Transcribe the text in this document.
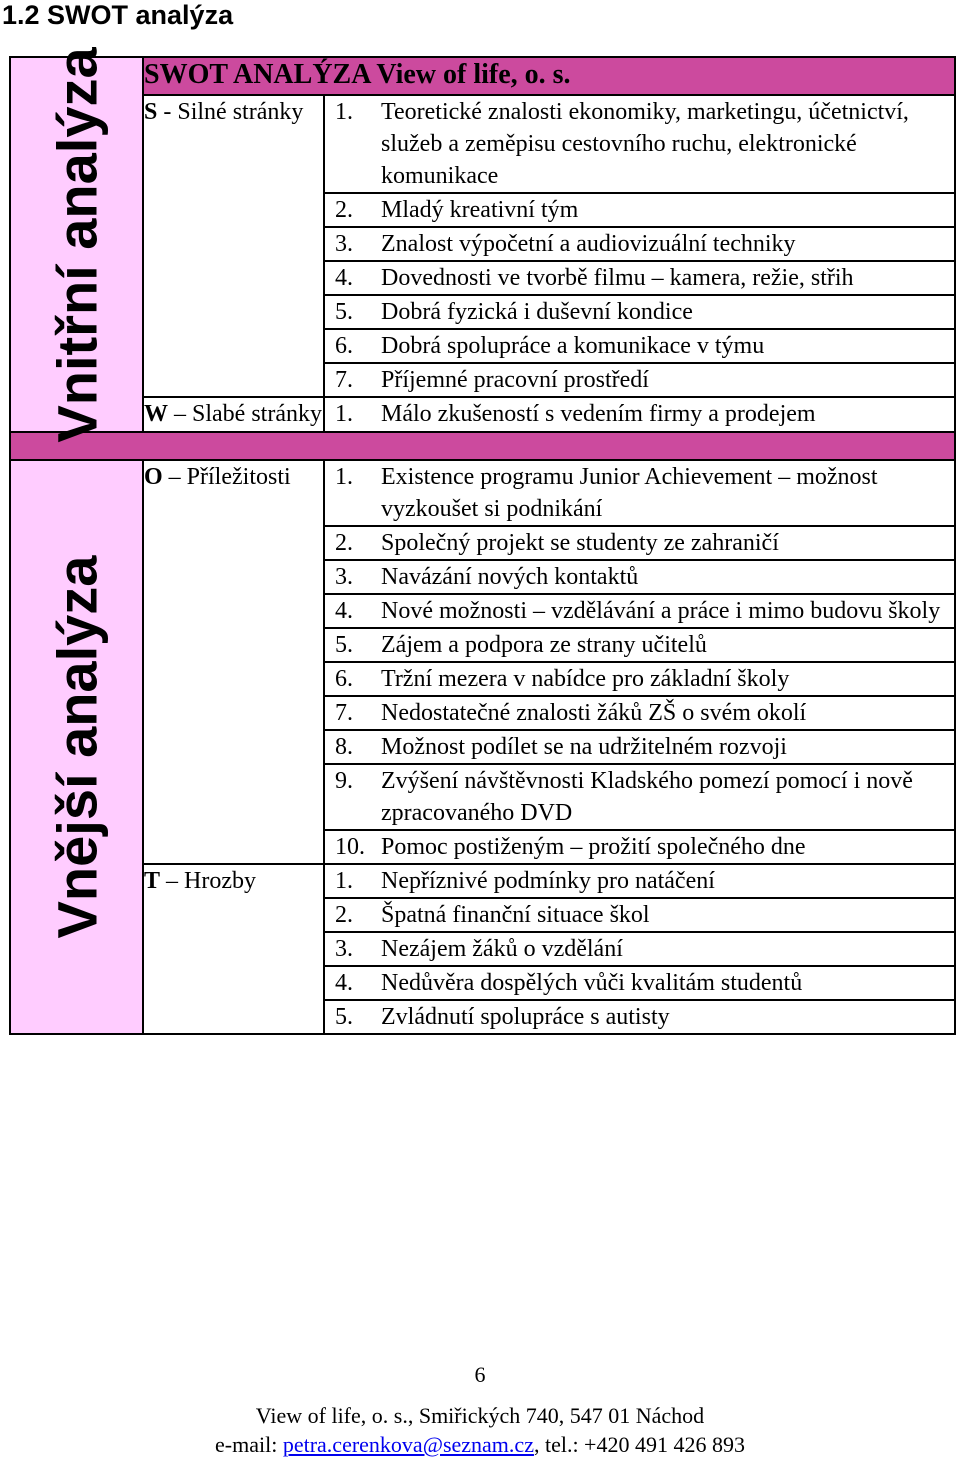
1.2 SWOT analýza
Vnitřní analýza	SWOT ANALÝZA View of life, o. s.	
	S - Silné stránky	1. Teoretické znalosti ekonomiky, marketingu, účetnictví, služeb a zeměpisu cestovního ruchu, elektronické komunikace

		2. Mladý kreativní tým

		3. Znalost výpočetní a audiovizuální techniky

		4. Dovednosti ve tvorbě filmu – kamera, režie, střih

		5. Dobrá fyzická i duševní kondice

		6. Dobrá spolupráce a komunikace v týmu

		7. Příjemné pracovní prostředí

	W – Slabé stránky	1. Málo zkušeností s vedením firmy a prodejem

Vnější analýza	O – Příležitosti	1. Existence programu Junior Achievement – možnost vyzkoušet si podnikání

		2. Společný projekt se studenty ze zahraničí

		3. Navázání nových kontaktů

		4. Nové možnosti – vzdělávání a práce i mimo budovu školy

		5. Zájem a podpora ze strany učitelů

		6. Tržní mezera v nabídce pro základní školy

		7. Nedostatečné znalosti žáků ZŠ o svém okolí

		8. Možnost podílet se na udržitelném rozvoji

		9. Zvýšení návštěvnosti Kladského pomezí pomocí i nově zpracovaného DVD

		10. Pomoc postiženým – prožití společného dne

	T – Hrozby	1. Nepříznivé podmínky pro natáčení

		2. Špatná finanční situace škol

		3. Nezájem žáků o vzdělání

		4. Nedůvěra dospělých vůči kvalitám studentů

		5. Zvládnutí spolupráce s autisty
6
View of life, o. s., Smiřických 740, 547 01 Náchod
e-mail: petra.cerenkova@seznam.cz, tel.: +420 491 426 893
